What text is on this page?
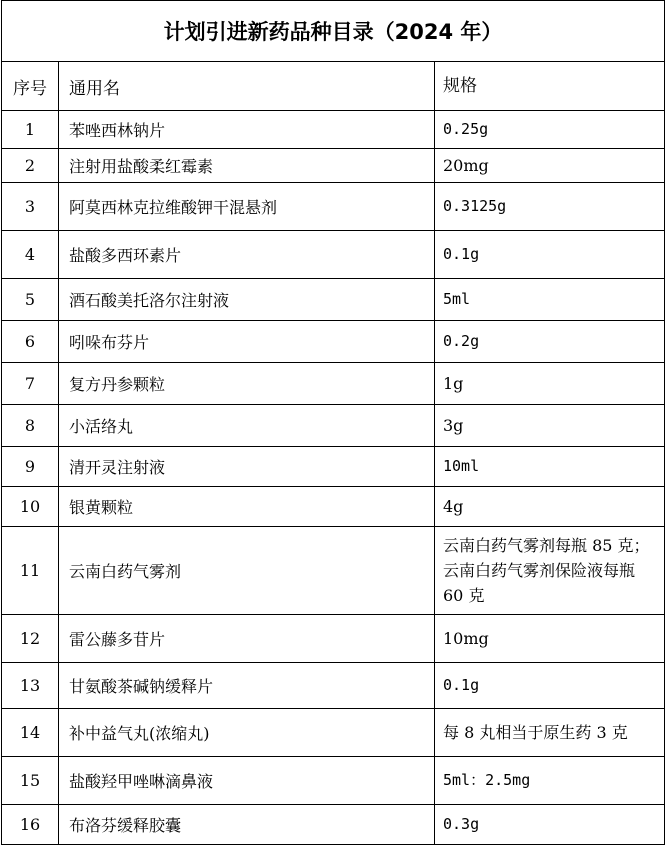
计划引进新药品种目录（2024 年）		
序号	通用名	规格
1	苯唑西林钠片	0.25g
2	注射用盐酸柔红霉素	20mg
3	阿莫西林克拉维酸钾干混悬剂	0.3125g
4	盐酸多西环素片	0.1g
5	酒石酸美托洛尔注射液	5ml
6	吲哚布芬片	0.2g
7	复方丹参颗粒	1g
8	小活络丸	3g
9	清开灵注射液	10ml
10	银黄颗粒	4g
11	云南白药气雾剂	云南白药气雾剂每瓶 85 克；云南白药气雾剂保险液每瓶 60 克
12	雷公藤多苷片	10mg
13	甘氨酸茶碱钠缓释片	0.1g
14	补中益气丸(浓缩丸)	每 8 丸相当于原生药 3 克
15	盐酸羟甲唑啉滴鼻液	5ml：2.5mg
16	布洛芬缓释胶囊	0.3g
